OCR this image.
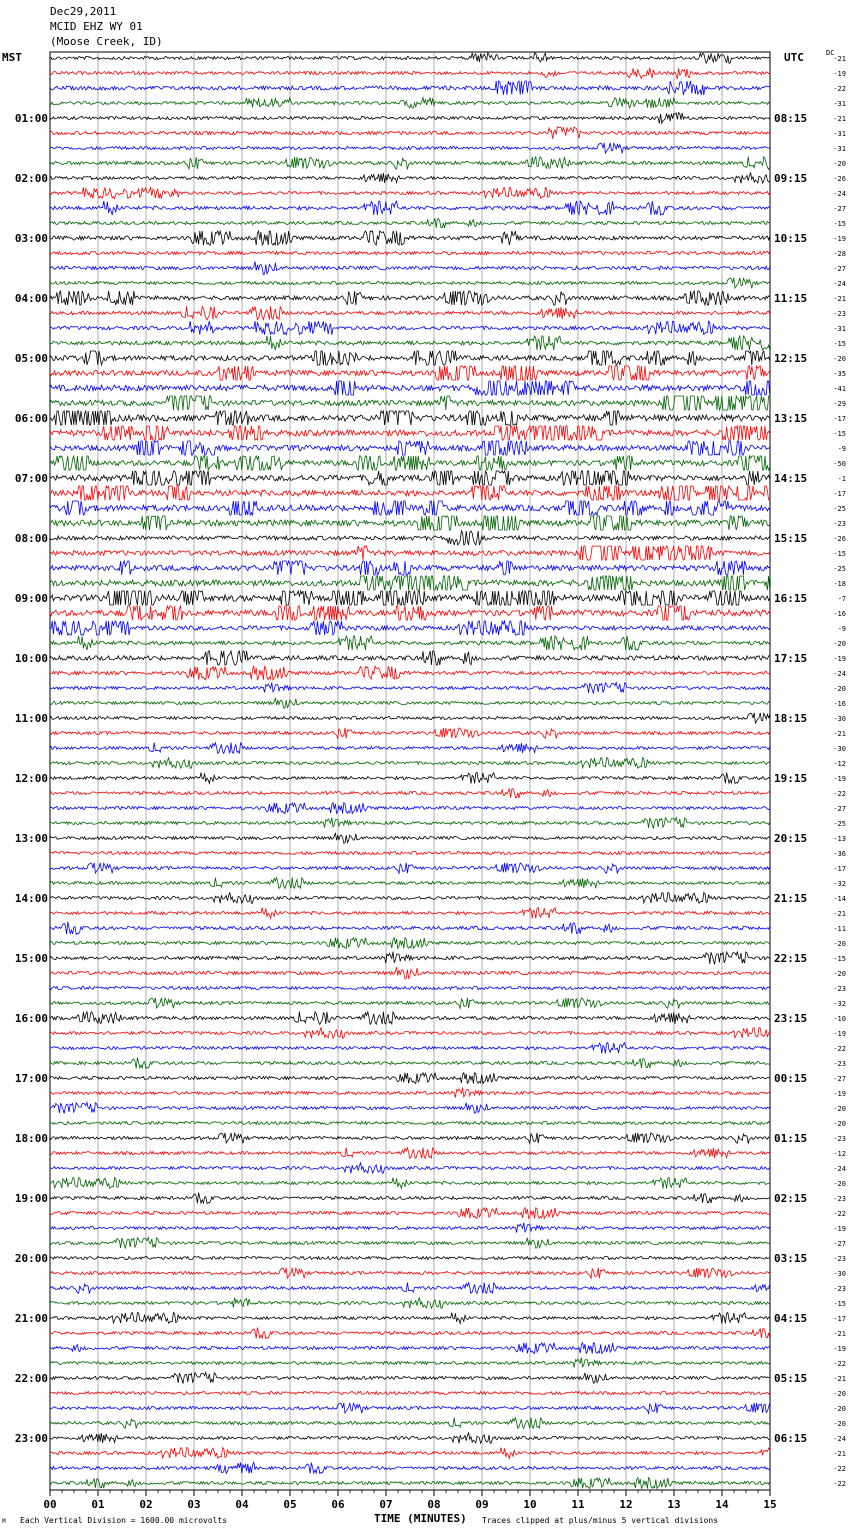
Dec29,2011
MCID EHZ WY 01
(Moose Creek, ID)
MST	UTC	DC
01:00
02:00
03:00
04:00
05:00
06:00
07:00
08:00
09:00
10:00
11:00
12:00
13:00
14:00
15:00
16:00
17:00
18:00
19:00
20:00
21:00
22:00
23:00
08:15
09:15
10:15
11:15
12:15
13:15
14:15
15:15
16:15
17:15
18:15
19:15
20:15
21:15
22:15
23:15
00:15
01:15
02:15
03:15
04:15
05:15
06:15
-21
-19
-22
-31
-21
-31
-31
-20
-26
-24
-27
-15
-19
-28
-27
-24
-21
-23
-31
-15
-20
-35
-41
-29
-17
-15
-9
-50
-1
-17
-25
-23
-26
-15
-25
-18
-7
-16
-9
-20
-19
-24
-20
-16
-30
-21
-30
-12
-19
-22
-27
-25
-13
-36
-17
-32
-14
-21
-11
-20
-15
-20
-23
-32
-10
-19
-22
-23
-27
-19
-20
-20
-23
-12
-24
-20
-23
-22
-19
-27
-23
-30
-23
-15
-17
-21
-19
-22
-21
-20
-20
-20
-24
-21
-22
-22
00	01	02	03	04	05	06	07	08	09	10	11	12	13	14	15
M Each Vertical Division = 1600.00 microvolts	TIME (MINUTES) Traces clipped at plus/minus 5 vertical divisions
